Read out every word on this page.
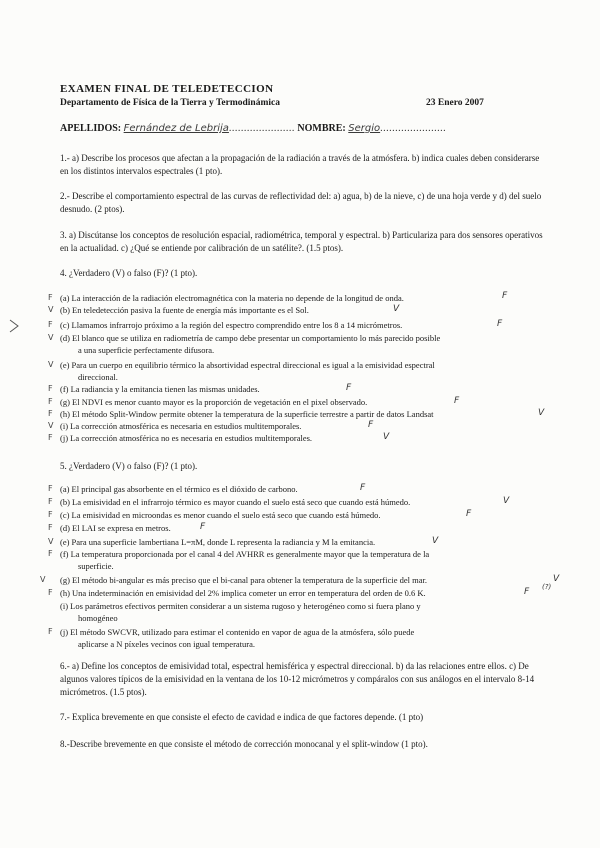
EXAMEN FINAL DE TELEDETECCION
Departamento de Física de la Tierra y Termodinámica	23 Enero 2007
APELLIDOS: Fernández de Lebrija...................... NOMBRE: Sergio......................
1.- a) Describe los procesos que afectan a la propagación de la radiación a través de la atmósfera. b) indica cuales deben considerarse en los distintos intervalos espectrales (1 pto).
2.- Describe el comportamiento espectral de las curvas de reflectividad del: a) agua, b) de la nieve, c) de una hoja verde y d) del suelo desnudo. (2 ptos).
3. a) Discútanse los conceptos de resolución espacial, radiométrica, temporal y espectral. b) Particulariza para dos sensores operativos en la actualidad. c) ¿Qué se entiende por calibración de un satélite?. (1.5 ptos).
4. ¿Verdadero (V) o falso (F)? (1 pto).
(a) La interacción de la radiación electromagnética con la materia no depende de la longitud de onda.
(b) En teledetección pasiva la fuente de energía más importante es el Sol.
(c) Llamamos infrarrojo próximo a la región del espectro comprendido entre los 8 a 14 micrómetros.
(d) El blanco que se utiliza en radiometría de campo debe presentar un comportamiento lo más parecido posible
a una superficie perfectamente difusora.
(e) Para un cuerpo en equilibrio térmico la absortividad espectral direccional es igual a la emisividad espectral
direccional.
(f) La radiancia y la emitancia tienen las mismas unidades.
(g) El NDVI es menor cuanto mayor es la proporción de vegetación en el pixel observado.
(h) El método Split-Window permite obtener la temperatura de la superficie terrestre a partir de datos Landsat
(i) La corrección atmosférica es necesaria en estudios multitemporales.
(j) La corrección atmosférica no es necesaria en estudios multitemporales.
F
V
F
V
V
F
F
F
V
F
F
V
F
F
F
V
F
V
5. ¿Verdadero (V) o falso (F)? (1 pto).
(a) El principal gas absorbente en el térmico es el dióxido de carbono.
(b) La emisividad en el infrarrojo térmico es mayor cuando el suelo está seco que cuando está húmedo.
(c) La emisividad en microondas es menor cuando el suelo está seco que cuando está húmedo.
(d) El LAI se expresa en metros.
(e) Para una superficie lambertiana L=πM, donde L representa la radiancia y M la emitancia.
(f) La temperatura proporcionada por el canal 4 del AVHRR es generalmente mayor que la temperatura de la
superficie.
(g) El método bi-angular es más preciso que el bi-canal para obtener la temperatura de la superficie del mar.
(h) Una indeterminación en emisividad del 2% implica cometer un error en temperatura del orden de 0.6 K.
(i) Los parámetros efectivos permiten considerar a un sistema rugoso y heterogéneo como si fuera plano y
homogéneo
(j) El método SWCVR, utilizado para estimar el contenido en vapor de agua de la atmósfera, sólo puede
aplicarse a N píxeles vecinos con igual temperatura.
F
F
F
F
V
F
V
F
F
F
V
F
F
V
V
F (?)
6.- a) Define los conceptos de emisividad total, espectral hemisférica y espectral direccional. b) da las relaciones entre ellos. c) De algunos valores típicos de la emisividad en la ventana de los 10-12 micrómetros y compáralos con sus análogos en el intervalo 8-14 micrómetros. (1.5 ptos).
7.- Explica brevemente en que consiste el efecto de cavidad e indica de que factores depende. (1 pto)
8.-Describe brevemente en que consiste el método de corrección monocanal y el split-window (1 pto).
